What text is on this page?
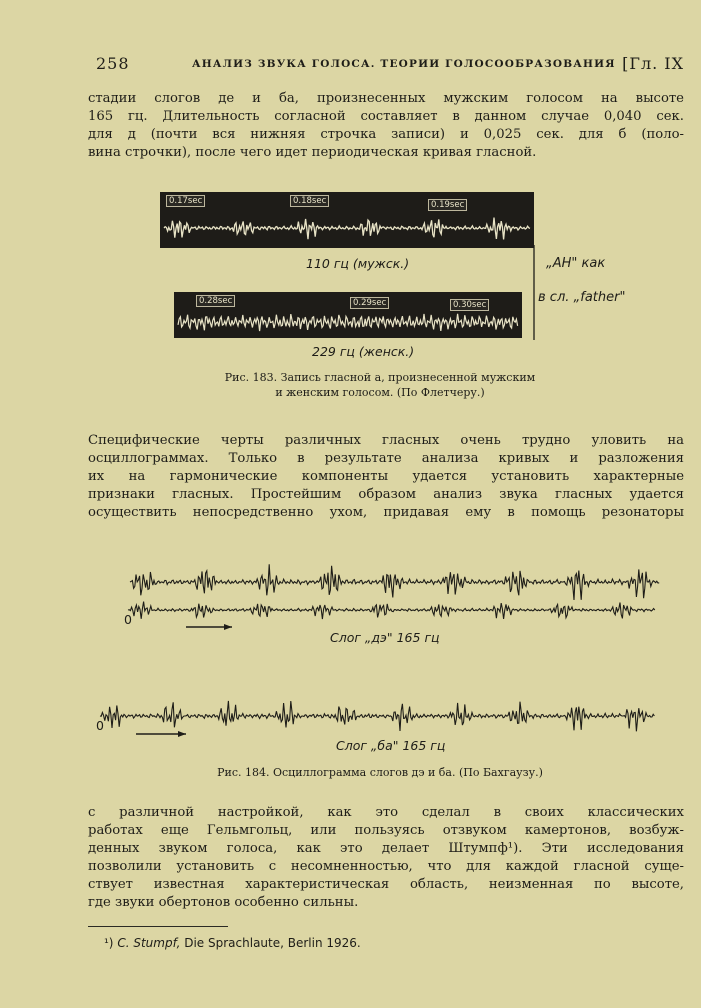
258	АНАЛИЗ ЗВУКА ГОЛОСА. ТЕОРИИ ГОЛОСООБРАЗОВАНИЯ [Гл. IX
стадии слогов де и ба, произнесенных мужским голосом на высоте
165 гц. Длительность согласной составляет в данном случае 0,040 сек.
для д (почти вся нижняя строчка записи) и 0,025 сек. для б (поло-
вина строчки), после чего идет периодическая кривая гласной.
0.17sec	0.18sec	0.19sec
0.28sec	0.29sec	0.30sec
110 гц (мужск.)
229 гц (женск.)
„АН" как
в сл. „father"
Рис. 183. Запись гласной а, произнесенной мужским
и женским голосом. (По Флетчеру.)
Специфические черты различных гласных очень трудно уловить на
осциллограммах. Только в результате анализа кривых и разложения
их на гармонические компоненты удается установить характерные
признаки гласных. Простейшим образом анализ звука гласных удается
осуществить непосредственно ухом, придавая ему в помощь резонаторы
0
Слог „дэ" 165 гц
0
Слог „ба" 165 гц
Рис. 184. Осциллограмма слогов дэ и ба. (По Бахгаузу.)
с различной настройкой, как это сделал в своих классических
работах еще Гельмгольц, или пользуясь отзвуком камертонов, возбуж-
денных звуком голоса, как это делает Штумпф¹). Эти исследования
позволили установить с несомненностью, что для каждой гласной суще-
ствует известная характеристическая область, неизменная по высоте,
где звуки обертонов особенно сильны.
¹) C. Stumpf, Die Sprachlaute, Berlin 1926.
